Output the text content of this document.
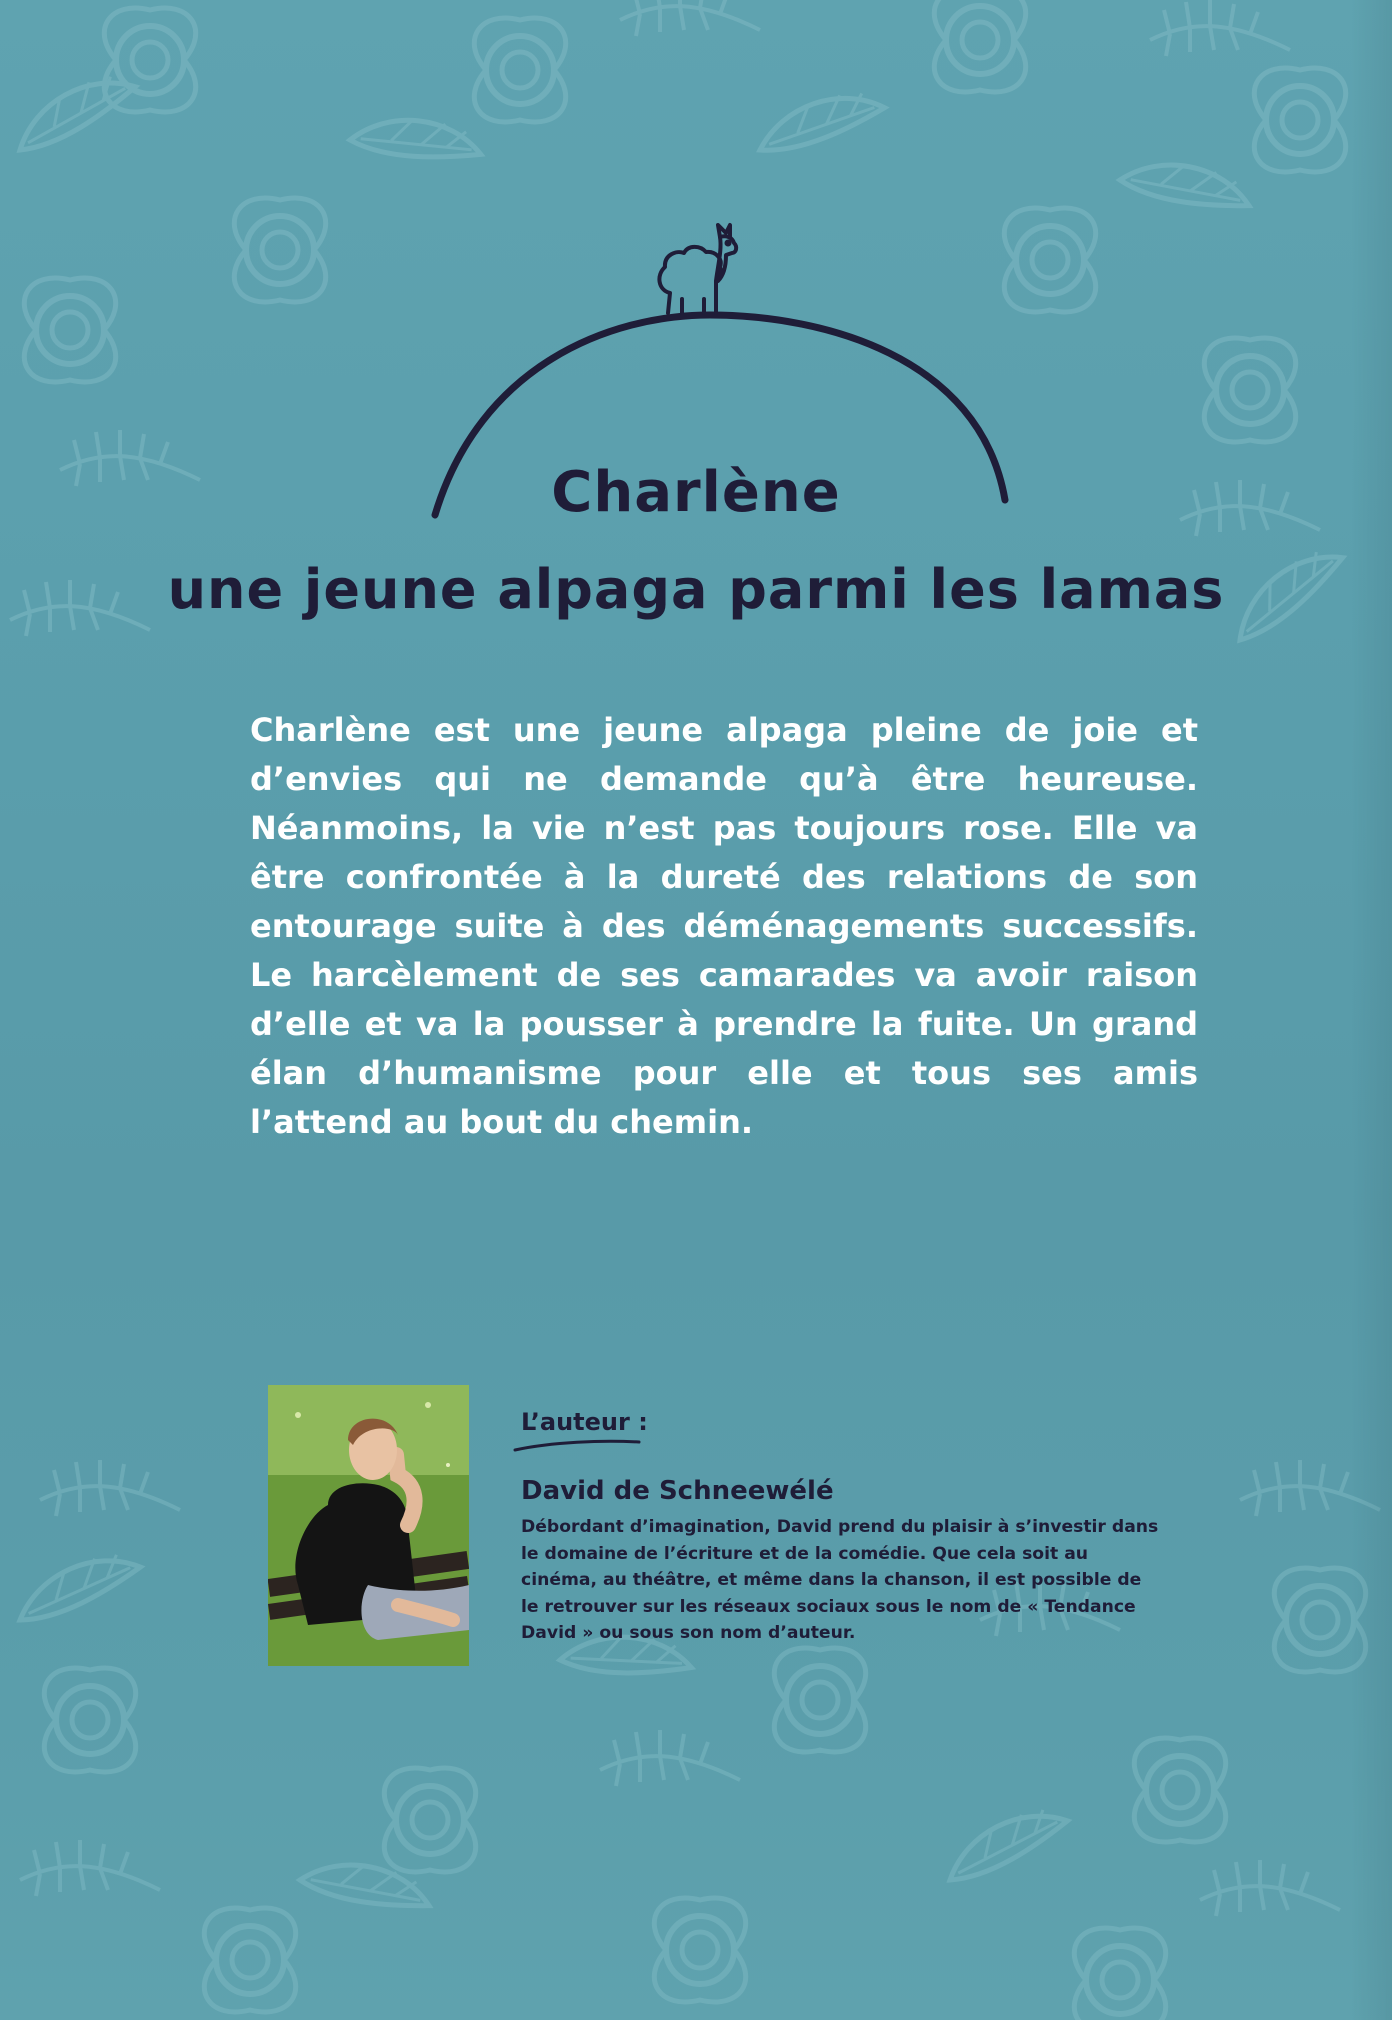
Charlène
une jeune alpaga parmi les lamas

Charlène est une jeune alpaga pleine de joie et d’envies qui ne demande qu’à être heureuse. Néanmoins, la vie n’est pas toujours rose. Elle va être confrontée à la dureté des relations de son entourage suite à des déménagements successifs. Le harcèlement de ses camarades va avoir raison d’elle et va la pousser à prendre la fuite. Un grand élan d’humanisme pour elle et tous ses amis l’attend au bout du chemin.

L’auteur :
David de Schneewélé

Débordant d’imagination, David prend du plaisir à s’investir dans le domaine de l’écriture et de la comédie. Que cela soit au cinéma, au théâtre, et même dans la chanson, il est possible de le retrouver sur les réseaux sociaux sous le nom de « Tendance David » ou sous son nom d’auteur.
